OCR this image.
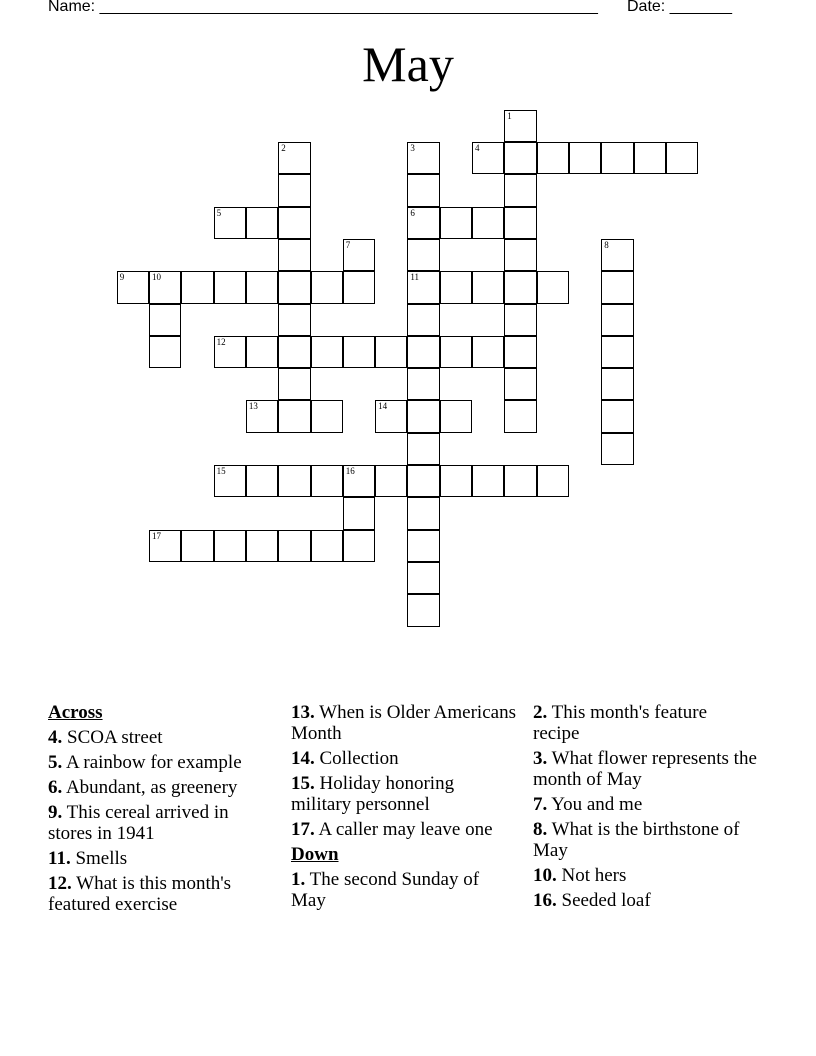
Name: ________________________________________________________ Date: _______
May
1
2	3	4
5	6
7	8
9	10	11
12
13	14
15	16
17
Across
4. SCOA street
5. A rainbow for example
6. Abundant, as greenery
9. This cereal arrived in stores in 1941
11. Smells
12. What is this month's featured exercise
13. When is Older Americans Month
14. Collection
15. Holiday honoring military personnel
17. A caller may leave one
Down
1. The second Sunday of May
2. This month's feature recipe
3. What flower represents the month of May
7. You and me
8. What is the birthstone of May
10. Not hers
16. Seeded loaf
